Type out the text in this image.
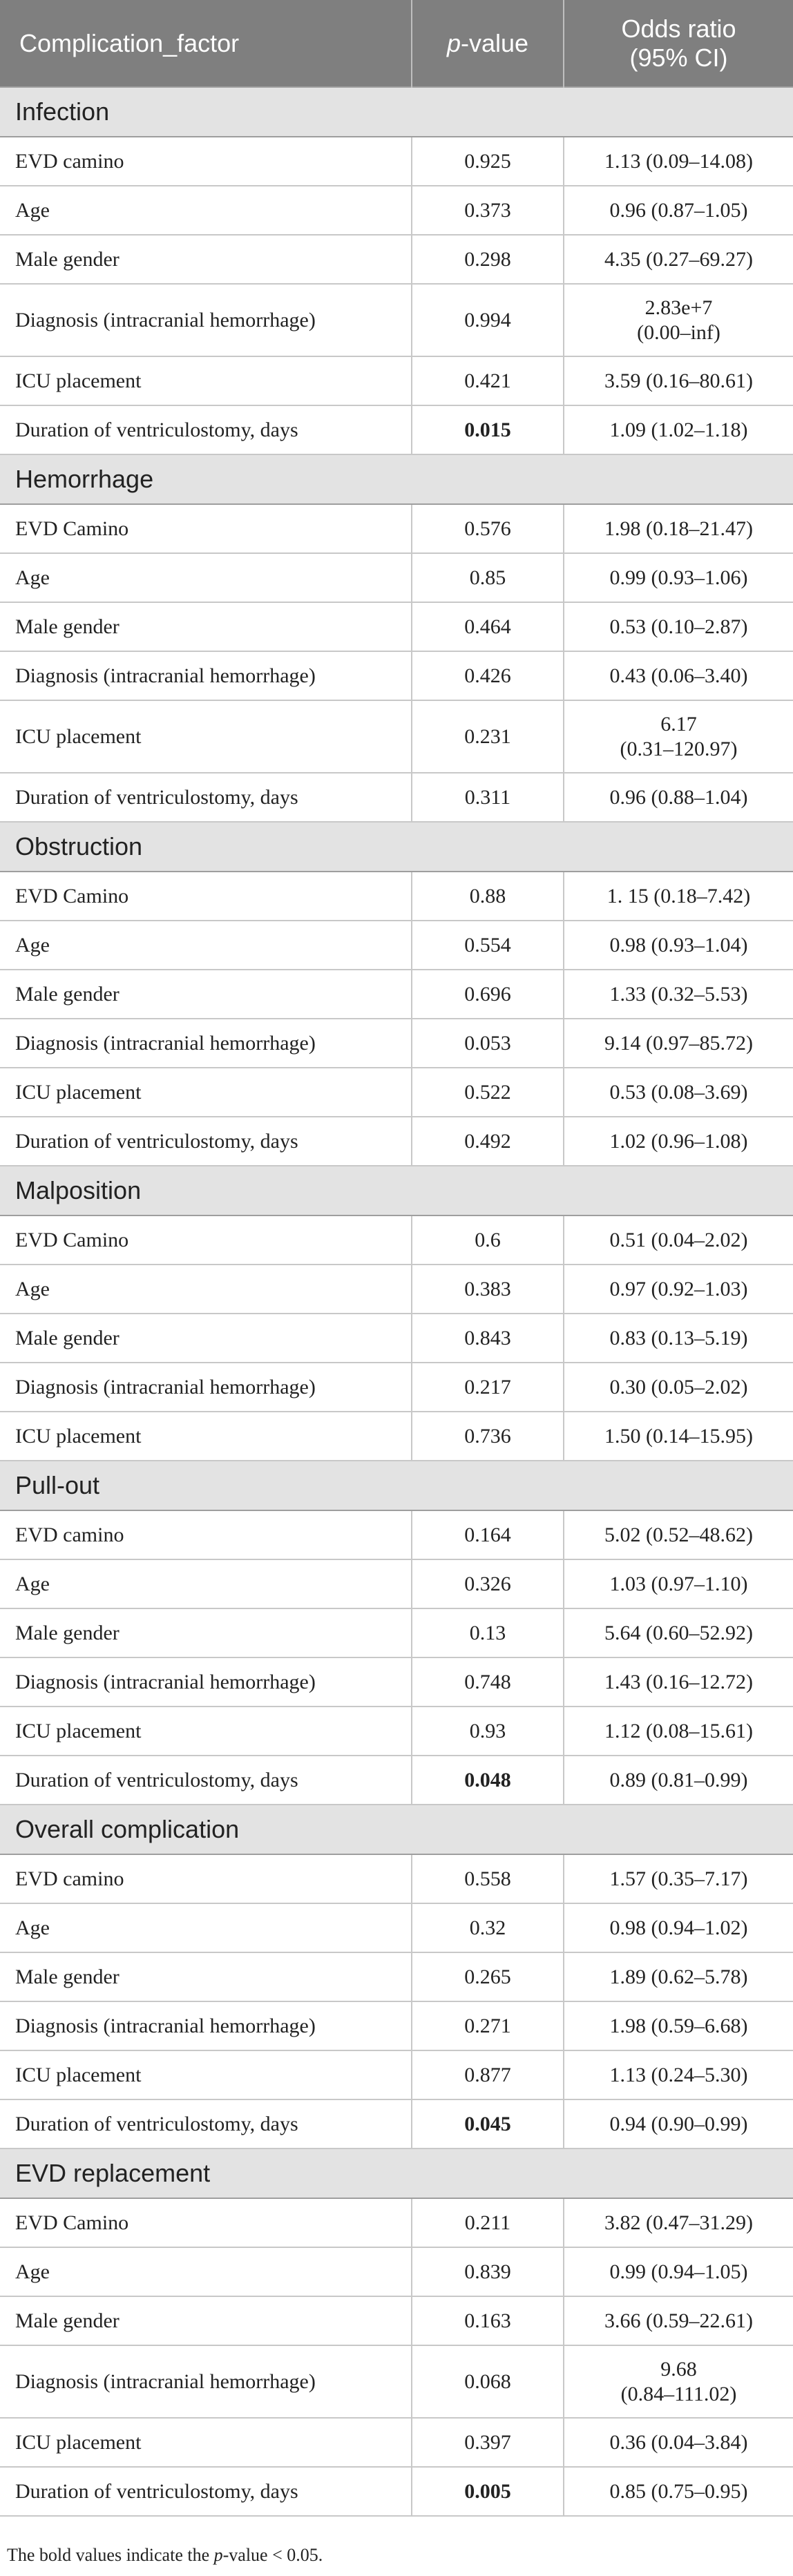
Complication_factor	p-value	Odds ratio
(95% CI)
Infection		
EVD camino	0.925	1.13 (0.09–14.08)
Age	0.373	0.96 (0.87–1.05)
Male gender	0.298	4.35 (0.27–69.27)
Diagnosis (intracranial hemorrhage)	0.994	2.83e+7
(0.00–inf)
ICU placement	0.421	3.59 (0.16–80.61)
Duration of ventriculostomy, days	0.015	1.09 (1.02–1.18)
Hemorrhage		
EVD Camino	0.576	1.98 (0.18–21.47)
Age	0.85	0.99 (0.93–1.06)
Male gender	0.464	0.53 (0.10–2.87)
Diagnosis (intracranial hemorrhage)	0.426	0.43 (0.06–3.40)
ICU placement	0.231	6.17
(0.31–120.97)
Duration of ventriculostomy, days	0.311	0.96 (0.88–1.04)
Obstruction		
EVD Camino	0.88	1. 15 (0.18–7.42)
Age	0.554	0.98 (0.93–1.04)
Male gender	0.696	1.33 (0.32–5.53)
Diagnosis (intracranial hemorrhage)	0.053	9.14 (0.97–85.72)
ICU placement	0.522	0.53 (0.08–3.69)
Duration of ventriculostomy, days	0.492	1.02 (0.96–1.08)
Malposition		
EVD Camino	0.6	0.51 (0.04–2.02)
Age	0.383	0.97 (0.92–1.03)
Male gender	0.843	0.83 (0.13–5.19)
Diagnosis (intracranial hemorrhage)	0.217	0.30 (0.05–2.02)
ICU placement	0.736	1.50 (0.14–15.95)
Pull-out		
EVD camino	0.164	5.02 (0.52–48.62)
Age	0.326	1.03 (0.97–1.10)
Male gender	0.13	5.64 (0.60–52.92)
Diagnosis (intracranial hemorrhage)	0.748	1.43 (0.16–12.72)
ICU placement	0.93	1.12 (0.08–15.61)
Duration of ventriculostomy, days	0.048	0.89 (0.81–0.99)
Overall complication		
EVD camino	0.558	1.57 (0.35–7.17)
Age	0.32	0.98 (0.94–1.02)
Male gender	0.265	1.89 (0.62–5.78)
Diagnosis (intracranial hemorrhage)	0.271	1.98 (0.59–6.68)
ICU placement	0.877	1.13 (0.24–5.30)
Duration of ventriculostomy, days	0.045	0.94 (0.90–0.99)
EVD replacement		
EVD Camino	0.211	3.82 (0.47–31.29)
Age	0.839	0.99 (0.94–1.05)
Male gender	0.163	3.66 (0.59–22.61)
Diagnosis (intracranial hemorrhage)	0.068	9.68
(0.84–111.02)
ICU placement	0.397	0.36 (0.04–3.84)
Duration of ventriculostomy, days	0.005	0.85 (0.75–0.95)
The bold values indicate the p-value < 0.05.
